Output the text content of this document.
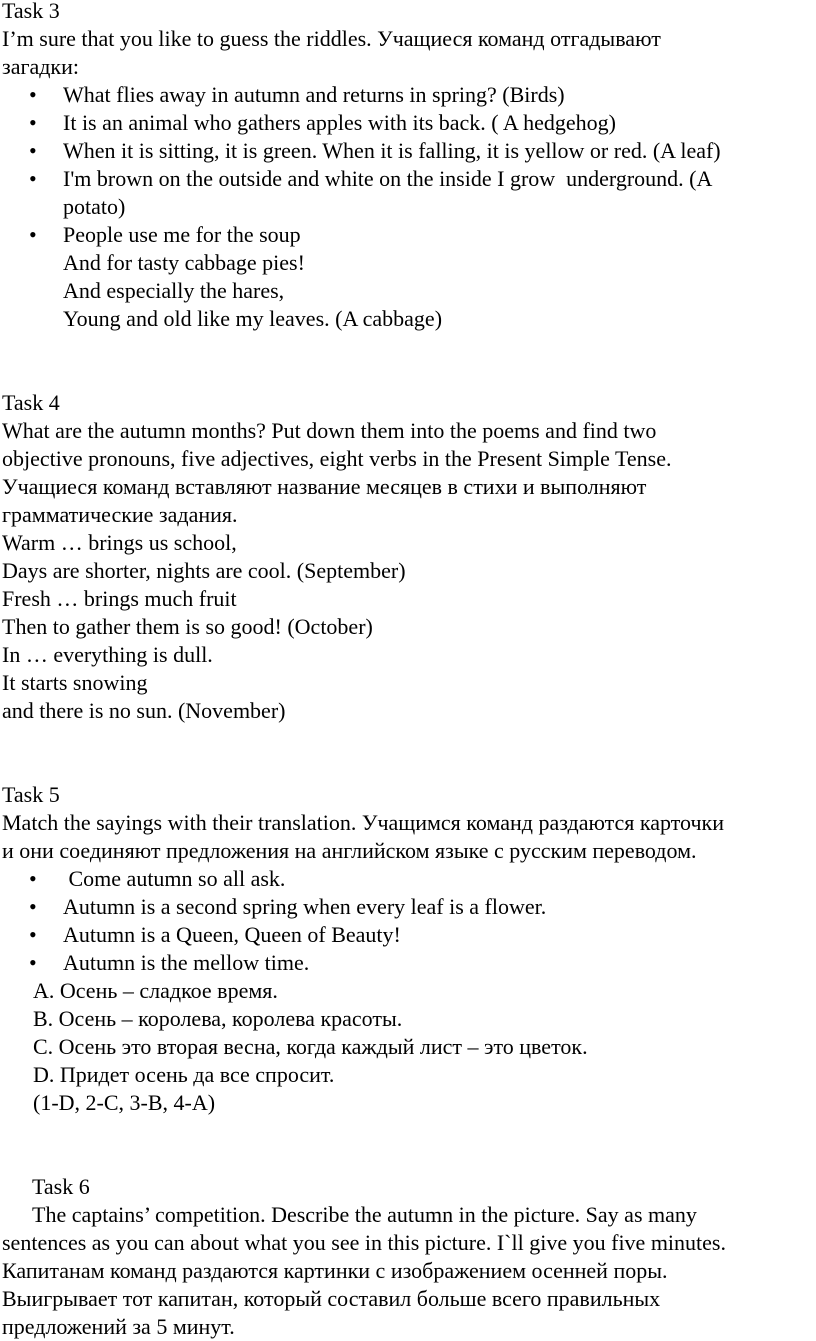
Task 3
I’m sure that you like to guess the riddles. Учащиеся команд отгадывают
загадки:
• What flies away in autumn and returns in spring? (Birds)
• It is an animal who gathers apples with its back. ( A hedgehog)
• When it is sitting, it is green. When it is falling, it is yellow or red. (A leaf)
• I'm brown on the outside and white on the inside I grow  underground. (A
potato)
• People use me for the soup
And for tasty cabbage pies!
And especially the hares,
Young and old like my leaves. (A cabbage)
Task 4
What are the autumn months? Put down them into the poems and find two
objective pronouns, five adjectives, eight verbs in the Present Simple Tense.
Учащиеся команд вставляют название месяцев в стихи и выполняют
грамматические задания.
Warm … brings us school,
Days are shorter, nights are cool. (September)
Fresh … brings much fruit
Then to gather them is so good! (October)
In … everything is dull.
It starts snowing
and there is no sun. (November)
Task 5
Match the sayings with their translation. Учащимся команд раздаются карточки
и они соединяют предложения на английском языке с русским переводом.
• Come autumn so all ask.
• Autumn is a second spring when every leaf is a flower.
• Autumn is a Queen, Queen of Beauty!
• Autumn is the mellow time.
A. Осень – сладкое время.
B. Осень – королева, королева красоты.
C. Осень это вторая весна, когда каждый лист – это цветок.
D. Придет осень да все спросит.
(1-D, 2-C, 3-B, 4-A)
Task 6
The captains’ competition. Describe the autumn in the picture. Say as many
sentences as you can about what you see in this picture. I`ll give you five minutes.
Капитанам команд раздаются картинки с изображением осенней поры.
Выигрывает тот капитан, который составил больше всего правильных
предложений за 5 минут.
